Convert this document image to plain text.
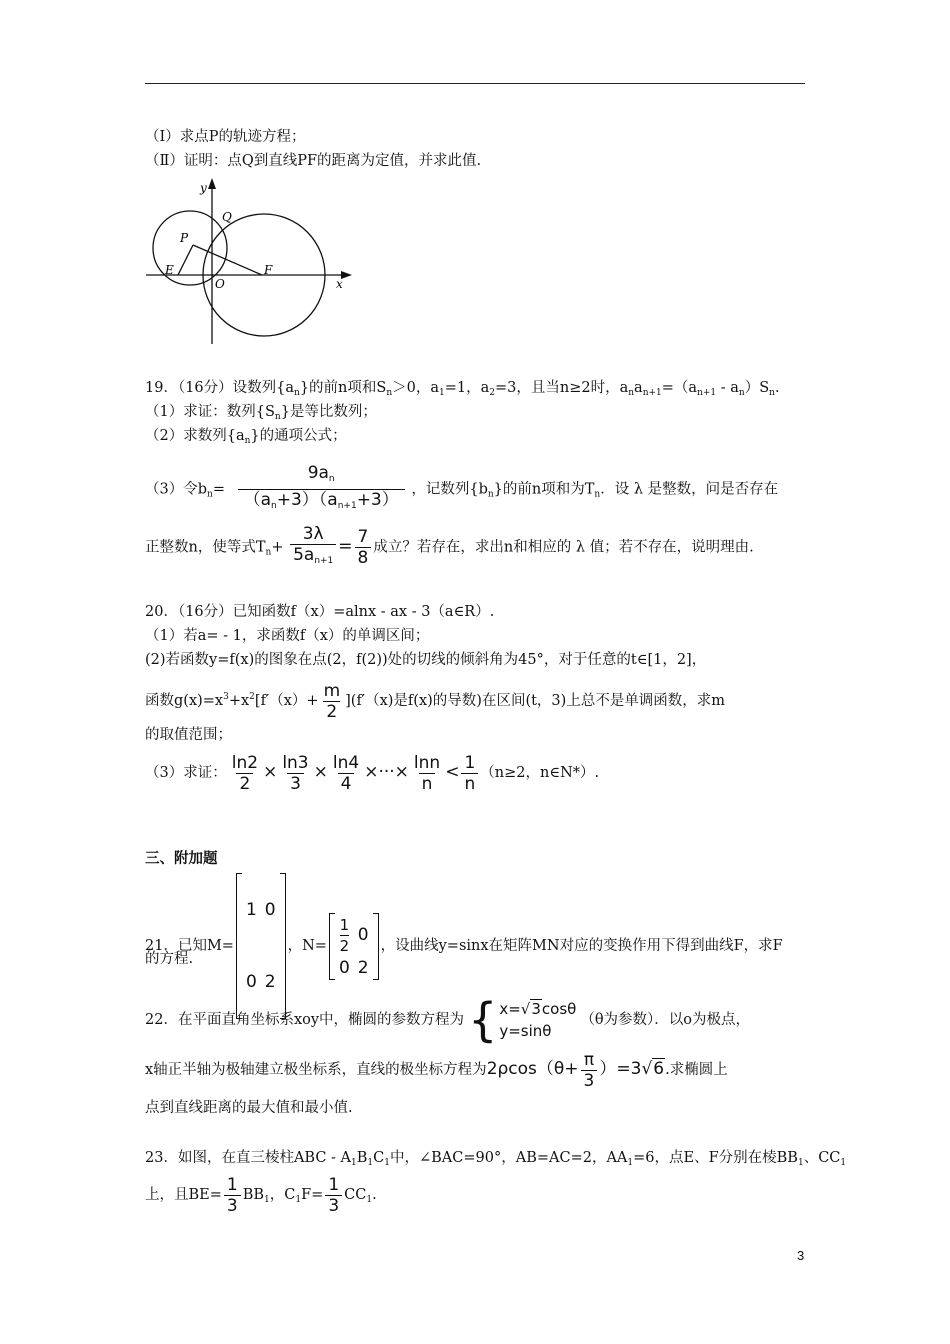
（Ⅰ）求点P的轨迹方程；
（Ⅱ）证明：点Q到直线PF的距离为定值，并求此值.
y
Q
P
E
O
F
x
19．（16分）设数列$\{a_n\}$的前n项和$S_n>0$，$a_1=1$，$a_2=3$，且当n≥2时，$a_na_{n+1}=(a_{n+1} - a_n)S_n$.
（1）求证：数列$\{S_n\}$是等比数列；
（2）求数列$\{a_n\}$的通项公式；
（3）令$b_n= \frac{9a_n}{(a_n+3)(a_{n+1}+3)}$ ，记数列$\{b_n\}$的前n项和为$T_n$．设 λ 是整数，问是否存在
正整数n，使等式$T_n+ \frac{3\lambda}{5a_{n+1}} = \frac{7}{8}$ 成立？若存在，求出n和相应的 λ 值；若不存在，说明理由.
20．（16分）已知函数f（x）=alnx - ax - 3（a∈R）.
（1）若a= - 1，求函数f（x）的单调区间；
(2)若函数y=f(x)的图象在点(2，f(2))处的切线的倾斜角为45°，对于任意的t∈[1，2]，
函数$g(x)=x^3+x^2[f'(x)+ \frac{m}{2} ](f'(x)$是f(x)的导数)在区间(t，3)上总不是单调函数，求m
的取值范围；
（3）求证： $\frac{\ln 2}{2} \times \frac{\ln 3}{3} \times \frac{\ln 4}{4}$ ×···× $\frac{\ln n}{n} < \frac{1}{n} (n\ge 2$，n∈N*）.
三、附加题
21．已知M=
1 0
0 2
，N=
1
2
0
0 2
，设曲线y=sinx在矩阵MN对应的变换作用下得到曲线F，求F
的方程.
22．在平面直角坐标系xoy中，椭圆的参数方程为 { x=√3cosθ
y=sinθ
（θ为参数）．以o为极点，
x轴正半轴为极轴建立极坐标系，直线的极坐标方程为$2\rho\cos(\theta+ \frac{\pi}{3} )=3√6$.求椭圆上
点到直线距离的最大值和最小值.
23．如图，在直三棱柱ABC - $A_1B_1C_1$中，∠BAC=90°，AB=AC=2，$AA_1=6$，点E、F分别在棱$BB_1$、$CC_1$
上，且$BE= \frac{1}{3} BB_1$，$C_1F= \frac{1}{3} CC_1$.
3
